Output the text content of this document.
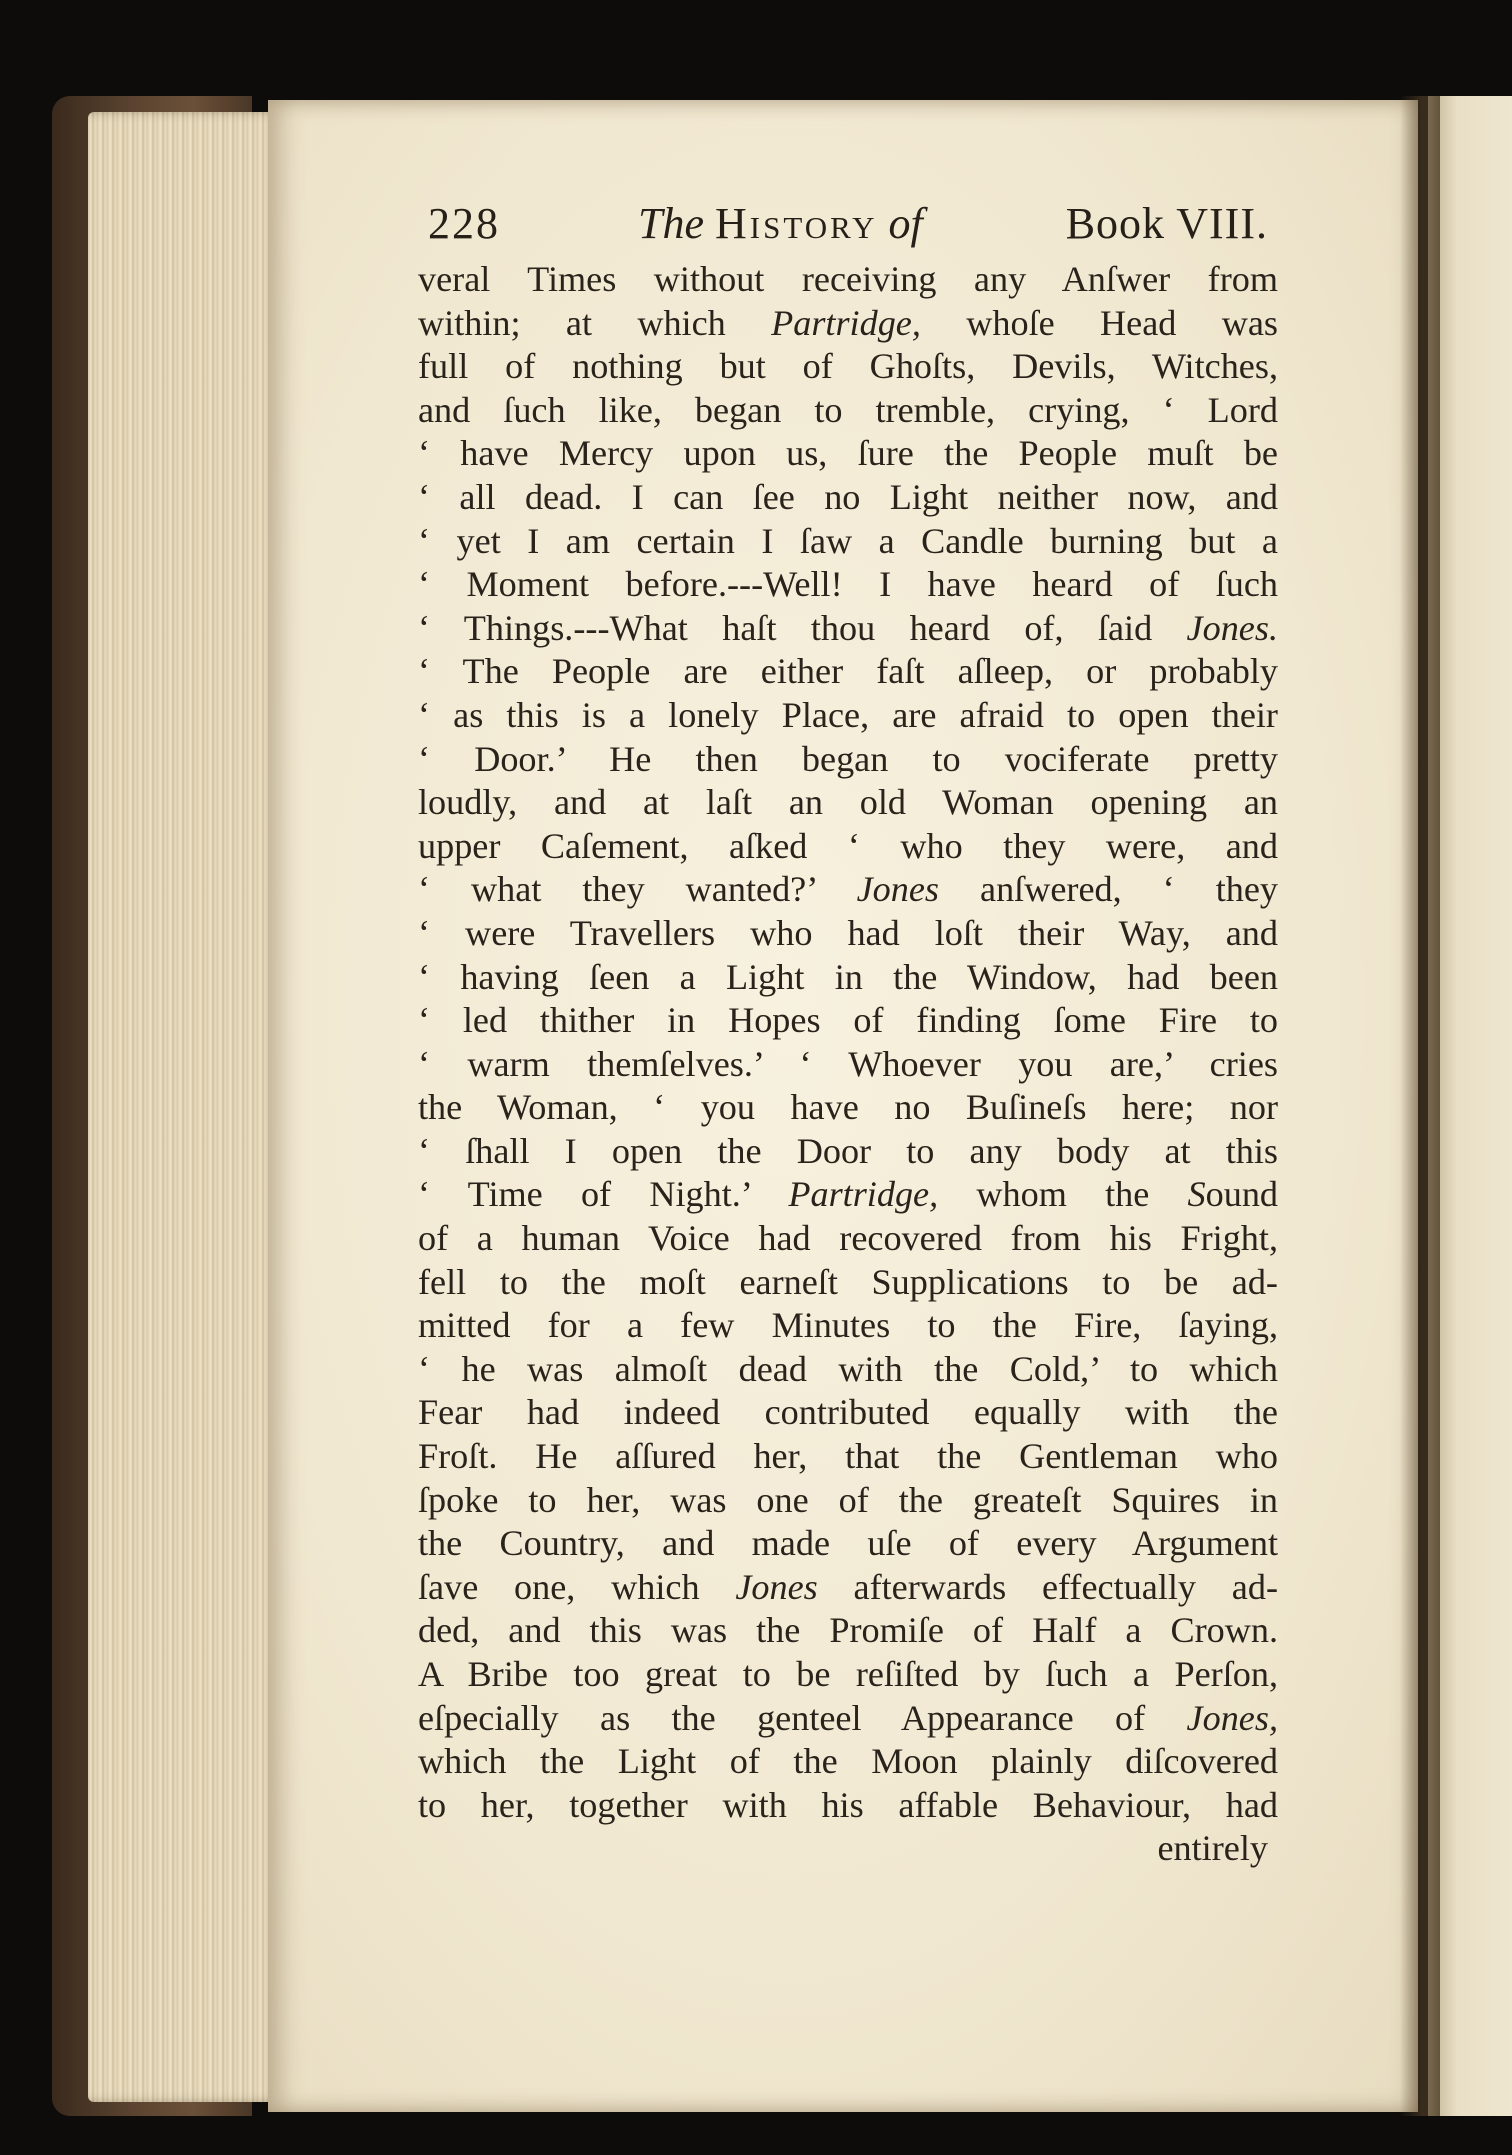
228	The History of	Book VIII.
veral Times without receiving any Anſwer from
within; at which Partridge, whoſe Head was
full of nothing but of Ghoſts, Devils, Witches,
and ſuch like, began to tremble, crying, ‘ Lord
‘ have Mercy upon us, ſure the People muſt be
‘ all dead. I can ſee no Light neither now, and
‘ yet I am certain I ſaw a Candle burning but a
‘ Moment before.---Well! I have heard of ſuch
‘ Things.---What haſt thou heard of, ſaid Jones.
‘ The People are either faſt aſleep, or probably
‘ as this is a lonely Place, are afraid to open their
‘ Door.’ He then began to vociferate pretty
loudly, and at laſt an old Woman opening an
upper Caſement, aſked ‘ who they were, and
‘ what they wanted?’ Jones anſwered, ‘ they
‘ were Travellers who had loſt their Way, and
‘ having ſeen a Light in the Window, had been
‘ led thither in Hopes of finding ſome Fire to
‘ warm themſelves.’ ‘ Whoever you are,’ cries
the Woman, ‘ you have no Buſineſs here; nor
‘ ſhall I open the Door to any body at this
‘ Time of Night.’ Partridge, whom the Sound
of a human Voice had recovered from his Fright,
fell to the moſt earneſt Supplications to be ad-
mitted for a few Minutes to the Fire, ſaying,
‘ he was almoſt dead with the Cold,’ to which
Fear had indeed contributed equally with the
Froſt. He aſſured her, that the Gentleman who
ſpoke to her, was one of the greateſt Squires in
the Country, and made uſe of every Argument
ſave one, which Jones afterwards effectually ad-
ded, and this was the Promiſe of Half a Crown.
A Bribe too great to be reſiſted by ſuch a Perſon,
eſpecially as the genteel Appearance of Jones,
which the Light of the Moon plainly diſcovered
to her, together with his affable Behaviour, had
entirely
